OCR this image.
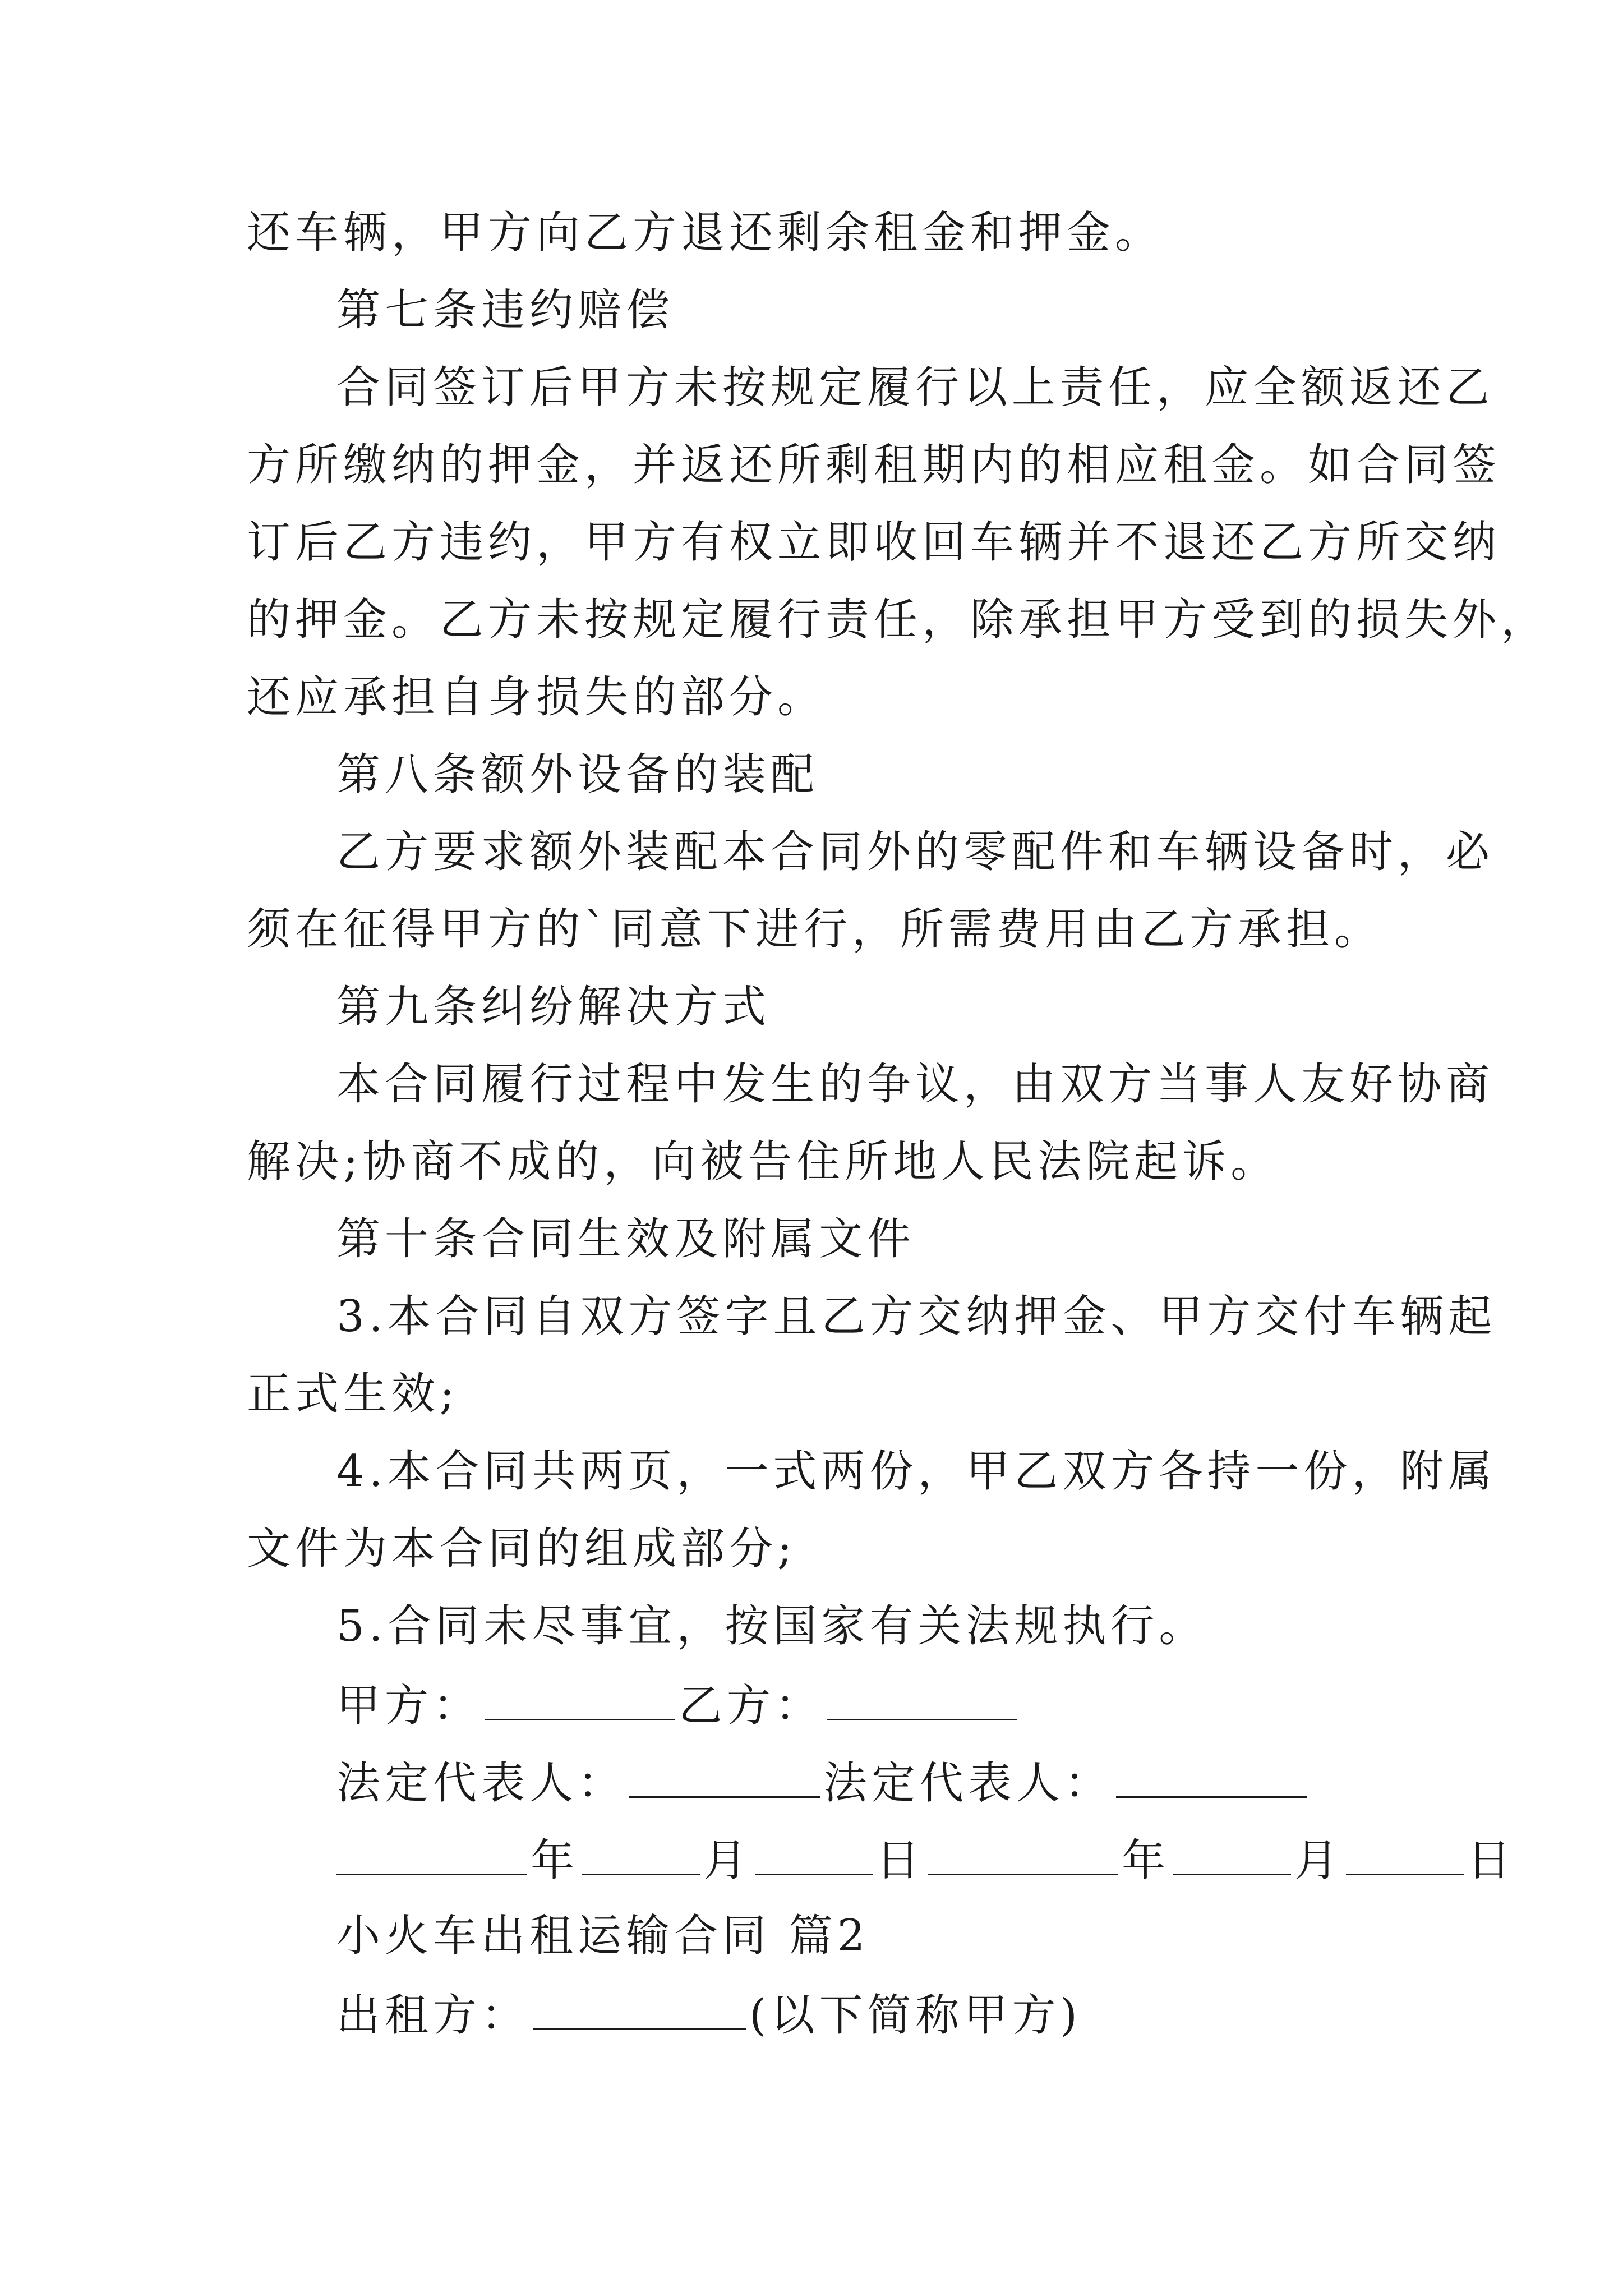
还车辆，甲方向乙方退还剩余租金和押金。
第七条违约赔偿
合同签订后甲方未按规定履行以上责任，应全额返还乙
方所缴纳的押金，并返还所剩租期内的相应租金。如合同签
订后乙方违约，甲方有权立即收回车辆并不退还乙方所交纳
的押金。乙方未按规定履行责任，除承担甲方受到的损失外，
还应承担自身损失的部分。
第八条额外设备的装配
乙方要求额外装配本合同外的零配件和车辆设备时，必
须在征得甲方的`同意下进行，所需费用由乙方承担。
第九条纠纷解决方式
本合同履行过程中发生的争议，由双方当事人友好协商
解决;协商不成的，向被告住所地人民法院起诉。
第十条合同生效及附属文件
3.本合同自双方签字且乙方交纳押金、甲方交付车辆起
正式生效;
4.本合同共两页，一式两份，甲乙双方各持一份，附属
文件为本合同的组成部分;
5.合同未尽事宜，按国家有关法规执行。
甲方：	乙方：
法定代表人：	法定代表人：
年	月	日	年	月	日
小火车出租运输合同 篇2
出租方：	(以下简称甲方)
